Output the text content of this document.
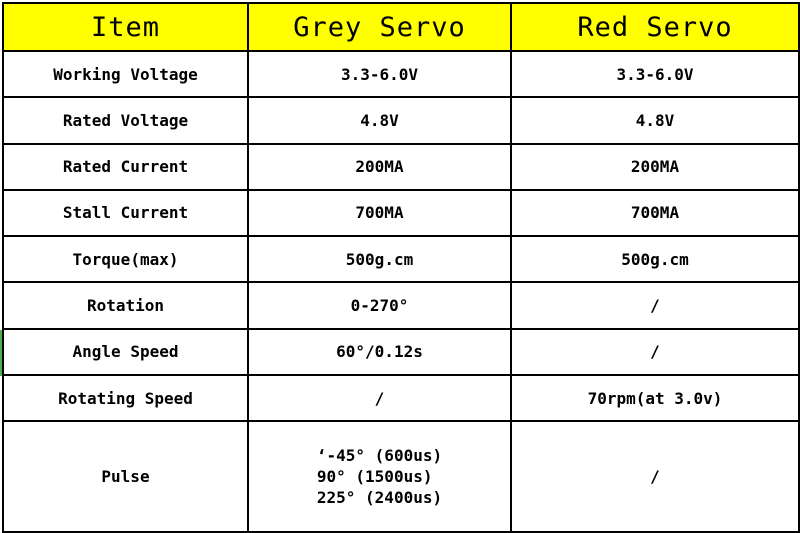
Item	Grey Servo	Red Servo
Working Voltage	3.3-6.0V	3.3-6.0V
Rated Voltage	4.8V	4.8V
Rated Current	200MA	200MA
Stall Current	700MA	700MA
Torque(max)	500g.cm	500g.cm
Rotation	0-270°	/
Angle Speed	60°/0.12s	/
Rotating Speed	/	70rpm(at 3.0v)
Pulse	‘-45° (600us)
90° (1500us)
225° (2400us)	/
